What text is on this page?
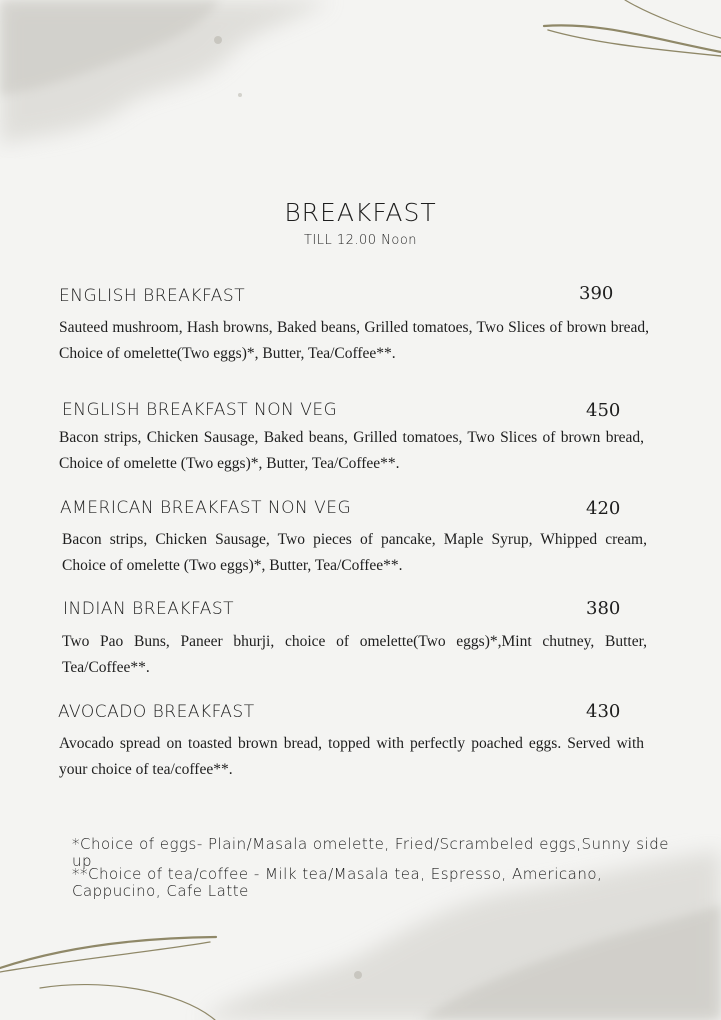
BREAKFAST
TILL 12.00 Noon
ENGLISH BREAKFAST	390
Sauteed mushroom, Hash browns, Baked beans, Grilled tomatoes, Two Slices of brown bread, Choice of omelette(Two eggs)*, Butter, Tea/Coffee**.
ENGLISH BREAKFAST NON VEG	450
Bacon strips, Chicken Sausage, Baked beans, Grilled tomatoes, Two Slices of brown bread, Choice of omelette (Two eggs)*, Butter, Tea/Coffee**.
AMERICAN BREAKFAST NON VEG	420
Bacon strips, Chicken Sausage, Two pieces of pancake, Maple Syrup, Whipped cream, Choice of omelette (Two eggs)*, Butter, Tea/Coffee**.
INDIAN BREAKFAST	380
Two Pao Buns, Paneer bhurji, choice of omelette(Two eggs)*,Mint chutney, Butter, Tea/Coffee**.
AVOCADO BREAKFAST	430
Avocado spread on toasted brown bread, topped with perfectly poached eggs. Served with your choice of tea/coffee**.
*Choice of eggs- Plain/Masala omelette, Fried/Scrambeled eggs,Sunny side up
**Choice of tea/coffee - Milk tea/Masala tea, Espresso, Americano, Cappucino, Cafe Latte
